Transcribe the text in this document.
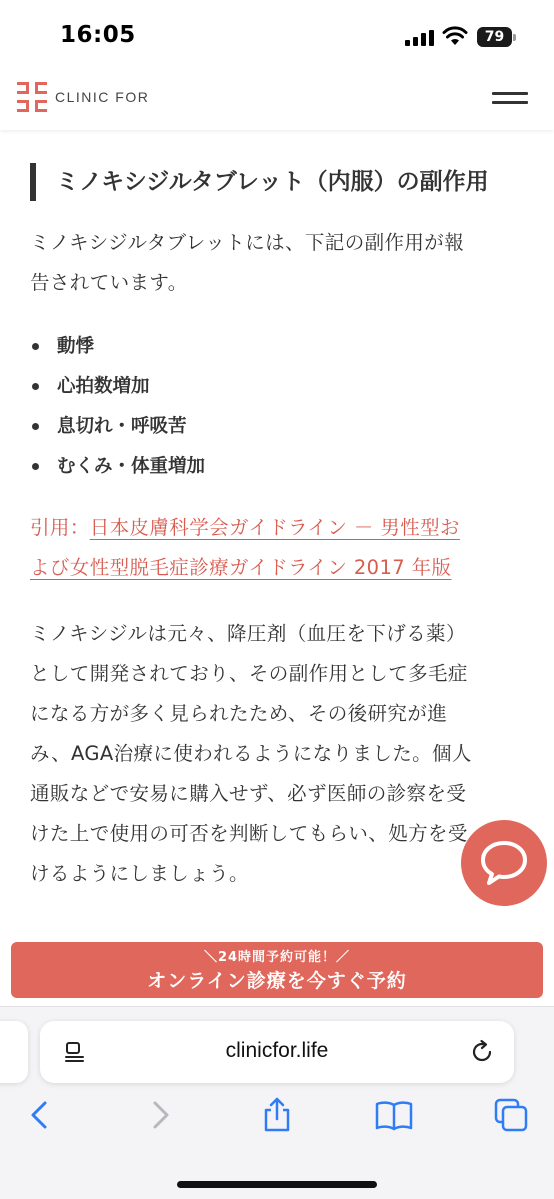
16:05	79
CLINIC FOR
ミノキシジルタブレット（内服）の副作用

ミノキシジルタブレットには、下記の副作用が報
告されています。

動悸
心拍数増加
息切れ・呼吸苦
むくみ・体重増加

引用：日本皮膚科学会ガイドライン － 男性型お
よび女性型脱毛症診療ガイドライン 2017 年版

ミノキシジルは元々、降圧剤（血圧を下げる薬）
として開発されており、その副作用として多毛症
になる方が多く見られたため、その後研究が進
み、AGA治療に使われるようになりました。個人
通販などで安易に購入せず、必ず医師の診察を受
けた上で使用の可否を判断してもらい、処方を受
けるようにしましょう。

＼24時間予約可能！／
オンライン診療を今すぐ予約
clinicfor.life
